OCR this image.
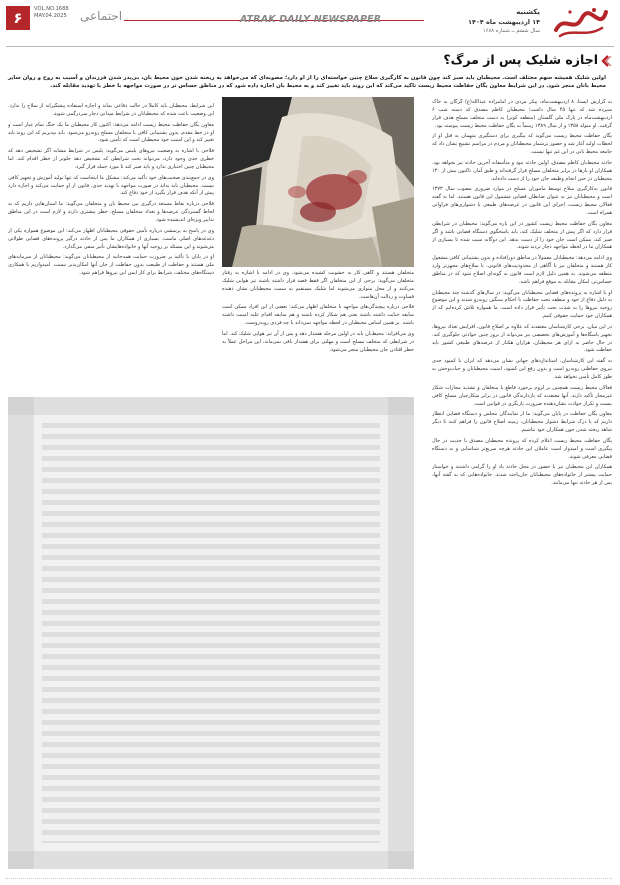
۶	VOL.NO.1688
MAY.04.2025	اجتماعی	ATRAK DAILY NEWSPAPER
یکشنبه
۱۴ اردیبهشت ماه ۱۴۰۴
سال ششم ــ شماره ۱۶۸۸
اجازه شلیک پس از مرگ؟
اولین شلیک همیشه سهم مختلف است. محیطبان باید صبر کند چون قانون به کارگیری سلاح چنین خواسته‌ای را از او دارد؛ مصوبه‌ای که می‌خواهد به ریخته شدن خون محیط بان، بی‌پدر شدن فرزندان و آسیب به روح و روان سایر محیط بانان منجر شود. در این شرایط معاون یگان حفاظت محیط زیست تاکید می‌کند که این روند باید تغییر کند و به محیط بان اجازه داده شود که در مناطق حساس تر در صورت مواجهه با خطر با تهدید مقابله کند.

به گزارش ایسنا، ۸ اردیبهشت‌ماه، پیکر مردی در امامزاده عبدالله(ع) گرگان به خاک سپرده شد که تنها ۴۵ سال داشت؛ محیطبان کاظم مصدق که دسته شب ۶ اردیبهشت‌ماه در پارک ملی گلستان (منطقه کوثر) به دست متخلف مسلح هدف قرار گرفت. او متولد ۱۳۵۸ و از سال ۱۳۸۹ رسماً به یگان حفاظت محیط زیست پیوسته بود.

یگان حفاظت محیط زیست می‌گوید که پیگیری برای دستگیری متهمان به قتل او از لحظات اولیه آغاز شد و حضور پرشمار محیطبانان و مردم در مراسم تشییع نشان داد که جامعه محیط بانی در این غم تنها نیست.

حادثه محیط‌بان کاظم مصدق، اولین حادثه نبود و متأسفانه آخرین حادثه نیز نخواهد بود. همکاران او بارها در برابر متخلفان مسلح قرار گرفته‌اند و طبق آمار، تاکنون بیش از ۱۴۰ محیطبان در حین انجام وظیفه جان خود را از دست داده‌اند.

قانون به‌کارگیری سلاح توسط ماموران مسلح در موارد ضروری مصوب سال ۱۳۷۳ است و محیطبانان نیز به عنوان ضابطان قضایی مشمول این قانون هستند. اما به گفته فعالان محیط زیست، اجرای این قانون در عرصه‌های طبیعی با دشواری‌های فراوانی همراه است.

معاون یگان حفاظت محیط زیست کشور در این باره می‌گوید: محیطبان در شرایطی قرار دارد که اگر پیش از متخلف شلیک کند، باید پاسخگوی دستگاه قضایی باشد و اگر صبر کند، ممکن است جان خود را از دست بدهد. این دوگانه سبب شده تا بسیاری از همکاران ما در لحظه مواجهه دچار تردید شوند.

وی ادامه می‌دهد: محیطبانان معمولاً در مناطق دورافتاده و بدون پشتیبانی کافی مشغول کار هستند و متخلفان نیز با آگاهی از محدودیت‌های قانونی، با سلاح‌های مجهزتر وارد منطقه می‌شوند. به همین دلیل لازم است قانون به گونه‌ای اصلاح شود که در مناطق حساس‌تر، امکان مقابله به موقع فراهم باشد.

او با اشاره به پرونده‌های قضایی محیطبانان می‌گوید: در سال‌های گذشته چند محیطبان به دلیل دفاع از خود و منطقه تحت حفاظت با احکام سنگین روبه‌رو شدند و این موضوع روحیه نیروها را به شدت تحت تأثیر قرار داده است. ما همواره تلاش کرده‌ایم که از همکاران خود حمایت حقوقی کنیم.

در این میان، برخی کارشناسان معتقدند که علاوه بر اصلاح قانون، افزایش تعداد نیروها، تجهیز پاسگاه‌ها و آموزش‌های تخصصی نیز می‌تواند از بروز چنین حوادثی جلوگیری کند. در حال حاضر به ازای هر محیطبان، هزاران هکتار از عرصه‌های طبیعی کشور باید حفاظت شود.

به گفته این کارشناسان، استانداردهای جهانی نشان می‌دهد که ایران با کمبود جدی نیروی حفاظتی روبه‌رو است و بدون رفع این کمبود، امنیت محیطبانان و حیات‌وحش به طور کامل تأمین نخواهد شد.

فعالان محیط زیست همچنین بر لزوم برخورد قاطع با متخلفان و تشدید مجازات شکار غیرمجاز تأکید دارند. آنها معتقدند که بازدارندگی قانون در برابر شکارچیان مسلح کافی نیست و تکرار حوادث نشان‌دهنده ضرورت بازنگری در قوانین است.

معاون یگان حفاظت در پایان می‌گوید: ما از نمایندگان مجلس و دستگاه قضایی انتظار داریم که با درک شرایط دشوار محیطبانان، زمینه اصلاح قانون را فراهم کنند تا دیگر شاهد ریخته شدن خون همکاران خود نباشیم.

یگان حفاظت محیط زیست اعلام کرده که پرونده محیطبان مصدق با جدیت در حال پیگیری است و امیدوار است عاملان این حادثه هرچه سریع‌تر شناسایی و به دستگاه قضایی معرفی شوند.

همکاران این محیطبان نیز با حضور در محل حادثه یاد او را گرامی داشتند و خواستار حمایت بیشتر از خانواده‌های محیطبانان جان‌باخته شدند. خانواده‌هایی که به گفته آنها، پس از هر حادثه تنها می‌مانند.

متخلفان هستند و گاهی کار به خشونت کشیده می‌شود. وی در ادامه با اشاره به رفتار متخلفان می‌گوید: برخی از این متخلفان اگر فقط قصد فرار داشته باشند تیر هوایی شلیک می‌کنند و از محل متواری می‌شوند اما شلیک مستقیم به سمت محیطبانان نشان دهنده قساوت و رذالت آن‌هاست.

فلاحی درباره پیچیدگی‌های مواجهه با متخلفان اظهار می‌کند: بعضی از این افراد ممکن است سابقه جنایت داشته باشند یعنی هم شکار کرده باشند و هم سابقه اقدام علیه امنیت داشته باشند. بر همین اساس محیطبان در لحظه مواجهه نمی‌داند با چه فردی روبه‌روست.

وی می‌افزاید: محیط‌بان باید در اولین مرحله هشدار دهد و پس از آن تیر هوایی شلیک کند. اما در شرایطی که متخلف مسلح است و مهلتی برای هشدار باقی نمی‌ماند، این مراحل عملاً به خطر افتادن جان محیطبان منجر می‌شود.

این شرایط، محیطبان باید کاملاً در حالت دفاعی بماند و اجازه استفاده پیشگیرانه از سلاح را ندارد. این وضعیت باعث شده که محیطبانان در شرایط میدانی دچار سردرگمی شوند.

معاون یگان حفاظت محیط زیست ادامه می‌دهد: اکنون کار محیطبان ما یک جنگ تمام عیار است و او در خط مقدم، بدون پشتیبانی کافی با متخلفان مسلح روبه‌رو می‌شود. باید بپذیریم که این روند باید تغییر کند و این امنیت خود محیطبان است که تأمین شود.

فلاحی با اشاره به وضعیت نیروهای پلیس می‌گوید: پلیس در شرایط مشابه اگر تشخیص دهد که خطری جدی وجود دارد، می‌تواند تحت شرایطی که تشخیص دهد جلوتر از خطر اقدام کند. اما محیطبان چنین اختیاری ندارد و باید صبر کند تا مورد حمله قرار گیرد.

وی در جمع‌بندی صحبت‌های خود تأکید می‌کند: مشکل ما اینجاست که تنها تولید آموزش و تجهیز کافی نیست. محیطبان باید بداند در صورت مواجهه با تهدید جدی، قانون از او حمایت می‌کند و اجازه دارد پیش از آنکه هدف قرار بگیرد از خود دفاع کند.

فلاحی درباره نقاط مستعد درگیری بین محیط بان و متخلفان می‌گوید: ما استان‌هایی داریم که به لحاظ گستردگی عرصه‌ها و تعداد متخلفان مسلح، خطر بیشتری دارند و لازم است در این مناطق تدابیر ویژه‌ای اندیشیده شود.

وی در پاسخ به پرسشی درباره تأمین حقوقی محیطبانان اظهار می‌کند: این موضوع همواره یکی از دغدغه‌های اصلی ماست. بسیاری از همکاران ما پس از حادثه درگیر پرونده‌های قضایی طولانی می‌شوند و این مسئله بر روحیه آنها و خانواده‌هایشان تأثیر منفی می‌گذارد.

او در پایان با تأکید بر ضرورت حمایت همه‌جانبه از محیطبانان می‌گوید: محیطبانان از سرمایه‌های ملی هستند و حفاظت از طبیعت بدون حفاظت از جان آنها امکان‌پذیر نیست. امیدواریم با همکاری دستگاه‌های مختلف، شرایط برای کار ایمن این نیروها فراهم شود.
